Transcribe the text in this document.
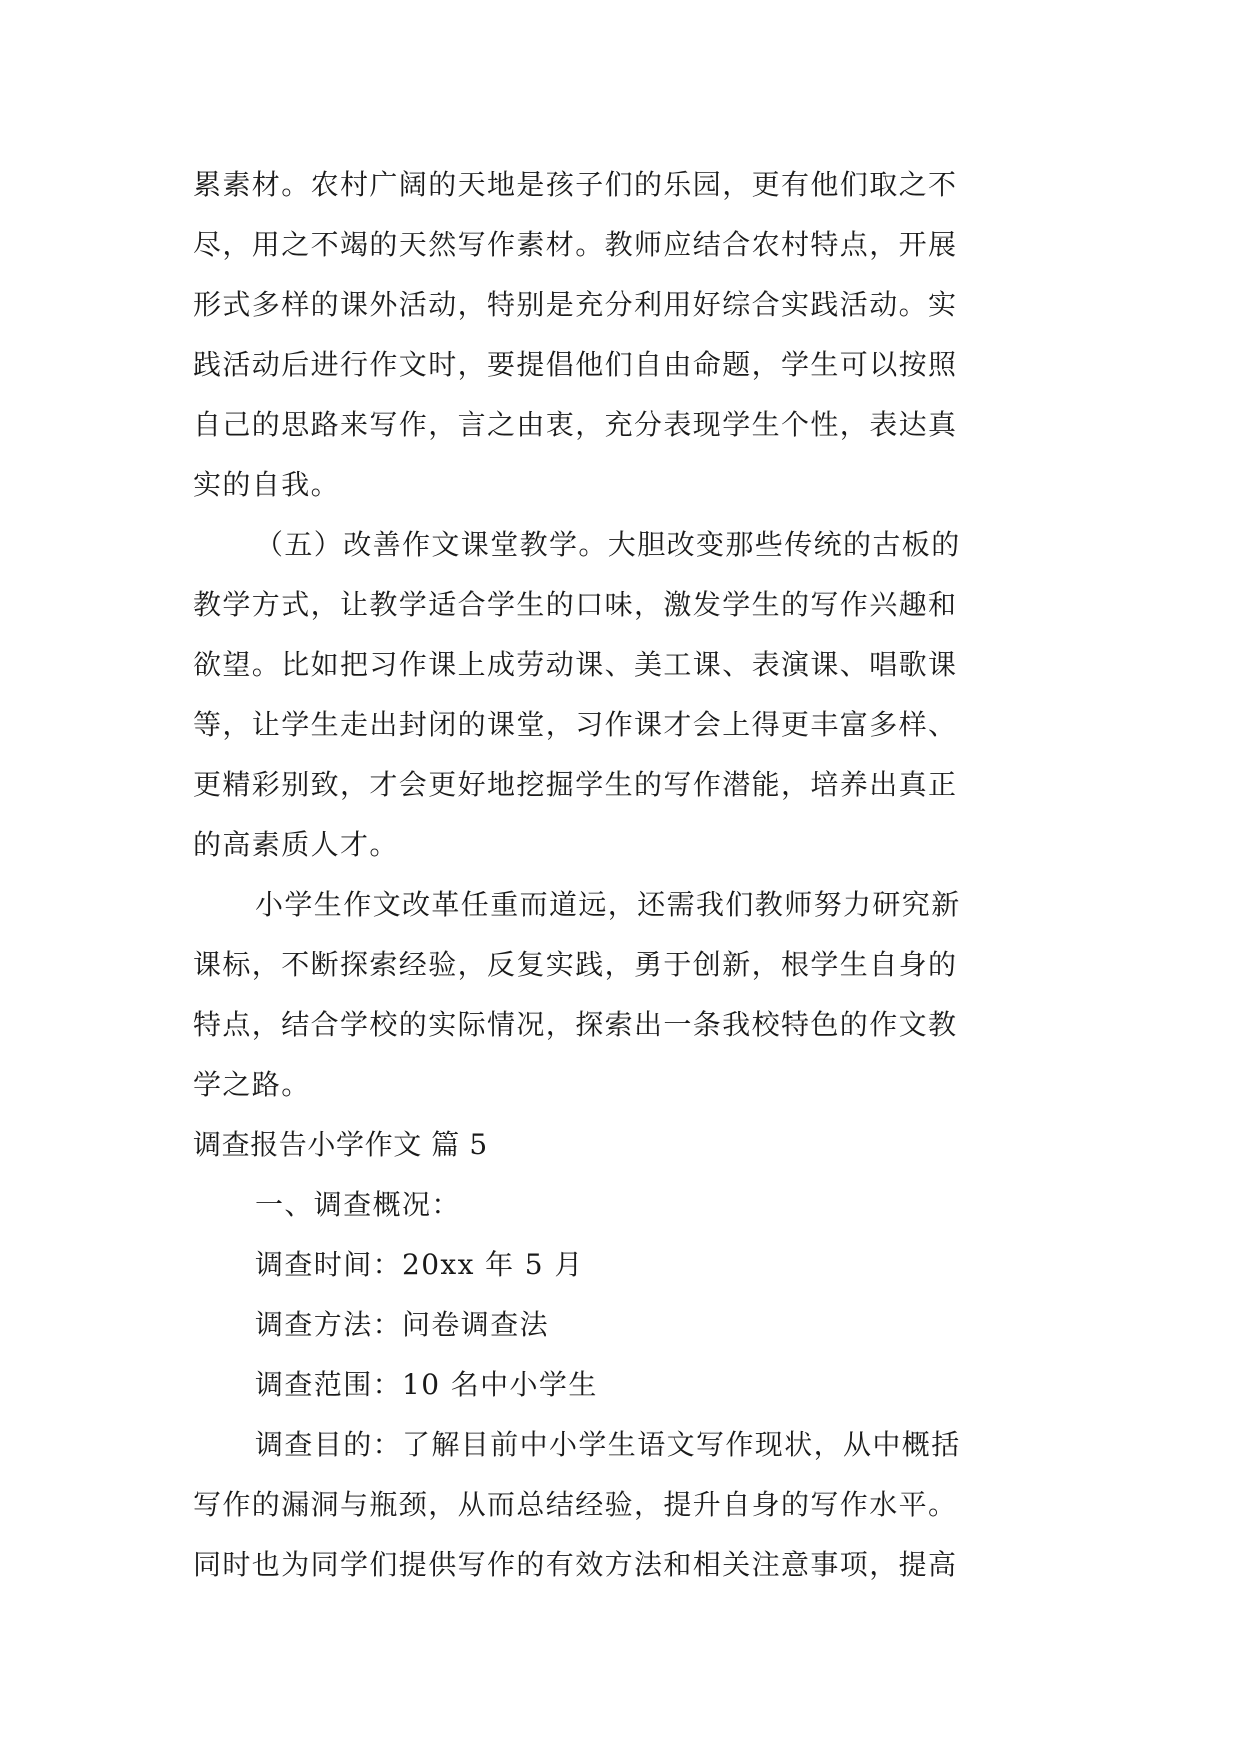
累素材。农村广阔的天地是孩子们的乐园，更有他们取之不
尽，用之不竭的天然写作素材。教师应结合农村特点，开展
形式多样的课外活动，特别是充分利用好综合实践活动。实
践活动后进行作文时，要提倡他们自由命题，学生可以按照
自己的思路来写作，言之由衷，充分表现学生个性，表达真
实的自我。
（五）改善作文课堂教学。大胆改变那些传统的古板的
教学方式，让教学适合学生的口味，激发学生的写作兴趣和
欲望。比如把习作课上成劳动课、美工课、表演课、唱歌课
等，让学生走出封闭的课堂，习作课才会上得更丰富多样、
更精彩别致，才会更好地挖掘学生的写作潜能，培养出真正
的高素质人才。
小学生作文改革任重而道远，还需我们教师努力研究新
课标，不断探索经验，反复实践，勇于创新，根学生自身的
特点，结合学校的实际情况，探索出一条我校特色的作文教
学之路。
调查报告小学作文 篇 5
一、调查概况：
调查时间：20xx 年 5 月
调查方法：问卷调查法
调查范围：10 名中小学生
调查目的：了解目前中小学生语文写作现状，从中概括
写作的漏洞与瓶颈，从而总结经验，提升自身的写作水平。
同时也为同学们提供写作的有效方法和相关注意事项，提高
